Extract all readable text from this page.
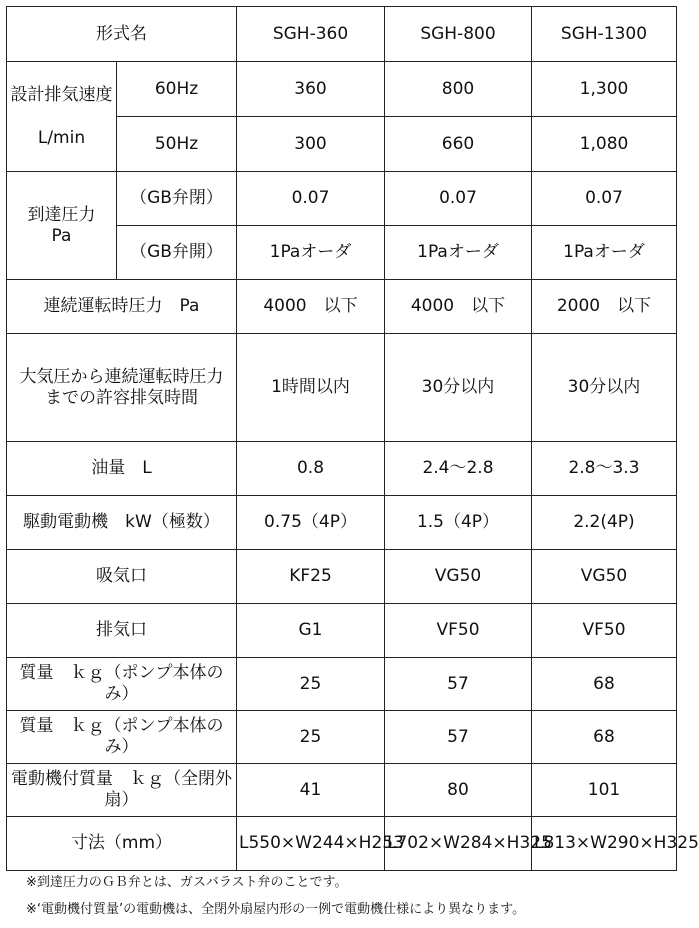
形式名		SGH-360	SGH-800	SGH-1300

設計排気速度
L/min	60Hz	360	800	1,300
	50Hz	300	660	1,080

到達圧力
Pa	（GB弁閉）	0.07	0.07	0.07
	（GB弁開）	1Paオーダ	1Paオーダ	1Paオーダ
連続運転時圧力　Pa		4000　以下	4000　以下	2000　以下

大気圧から連続運転時圧力
までの許容排気時間		1時間以内	30分以内	30分以内
油量　L		0.8	2.4～2.8	2.8～3.3
駆動電動機　kW（極数）		0.75（4P）	1.5（4P）	2.2(4P)
吸気口		KF25	VG50	VG50
排気口		G1	VF50	VF50
質量　ｋｇ（ポンプ本体のみ）		25	57	68
質量　ｋｇ（ポンプ本体のみ）		25	57	68
電動機付質量　ｋｇ（全閉外扇）		41	80	101
寸法（mm）		L550×W244×H253	L702×W284×H325	L813×W290×H325

※到達圧力のＧＢ弁とは、ガスバラスト弁のことです。

※‘電動機付質量’の電動機は、全閉外扇屋内形の一例で電動機仕様により異なります。
